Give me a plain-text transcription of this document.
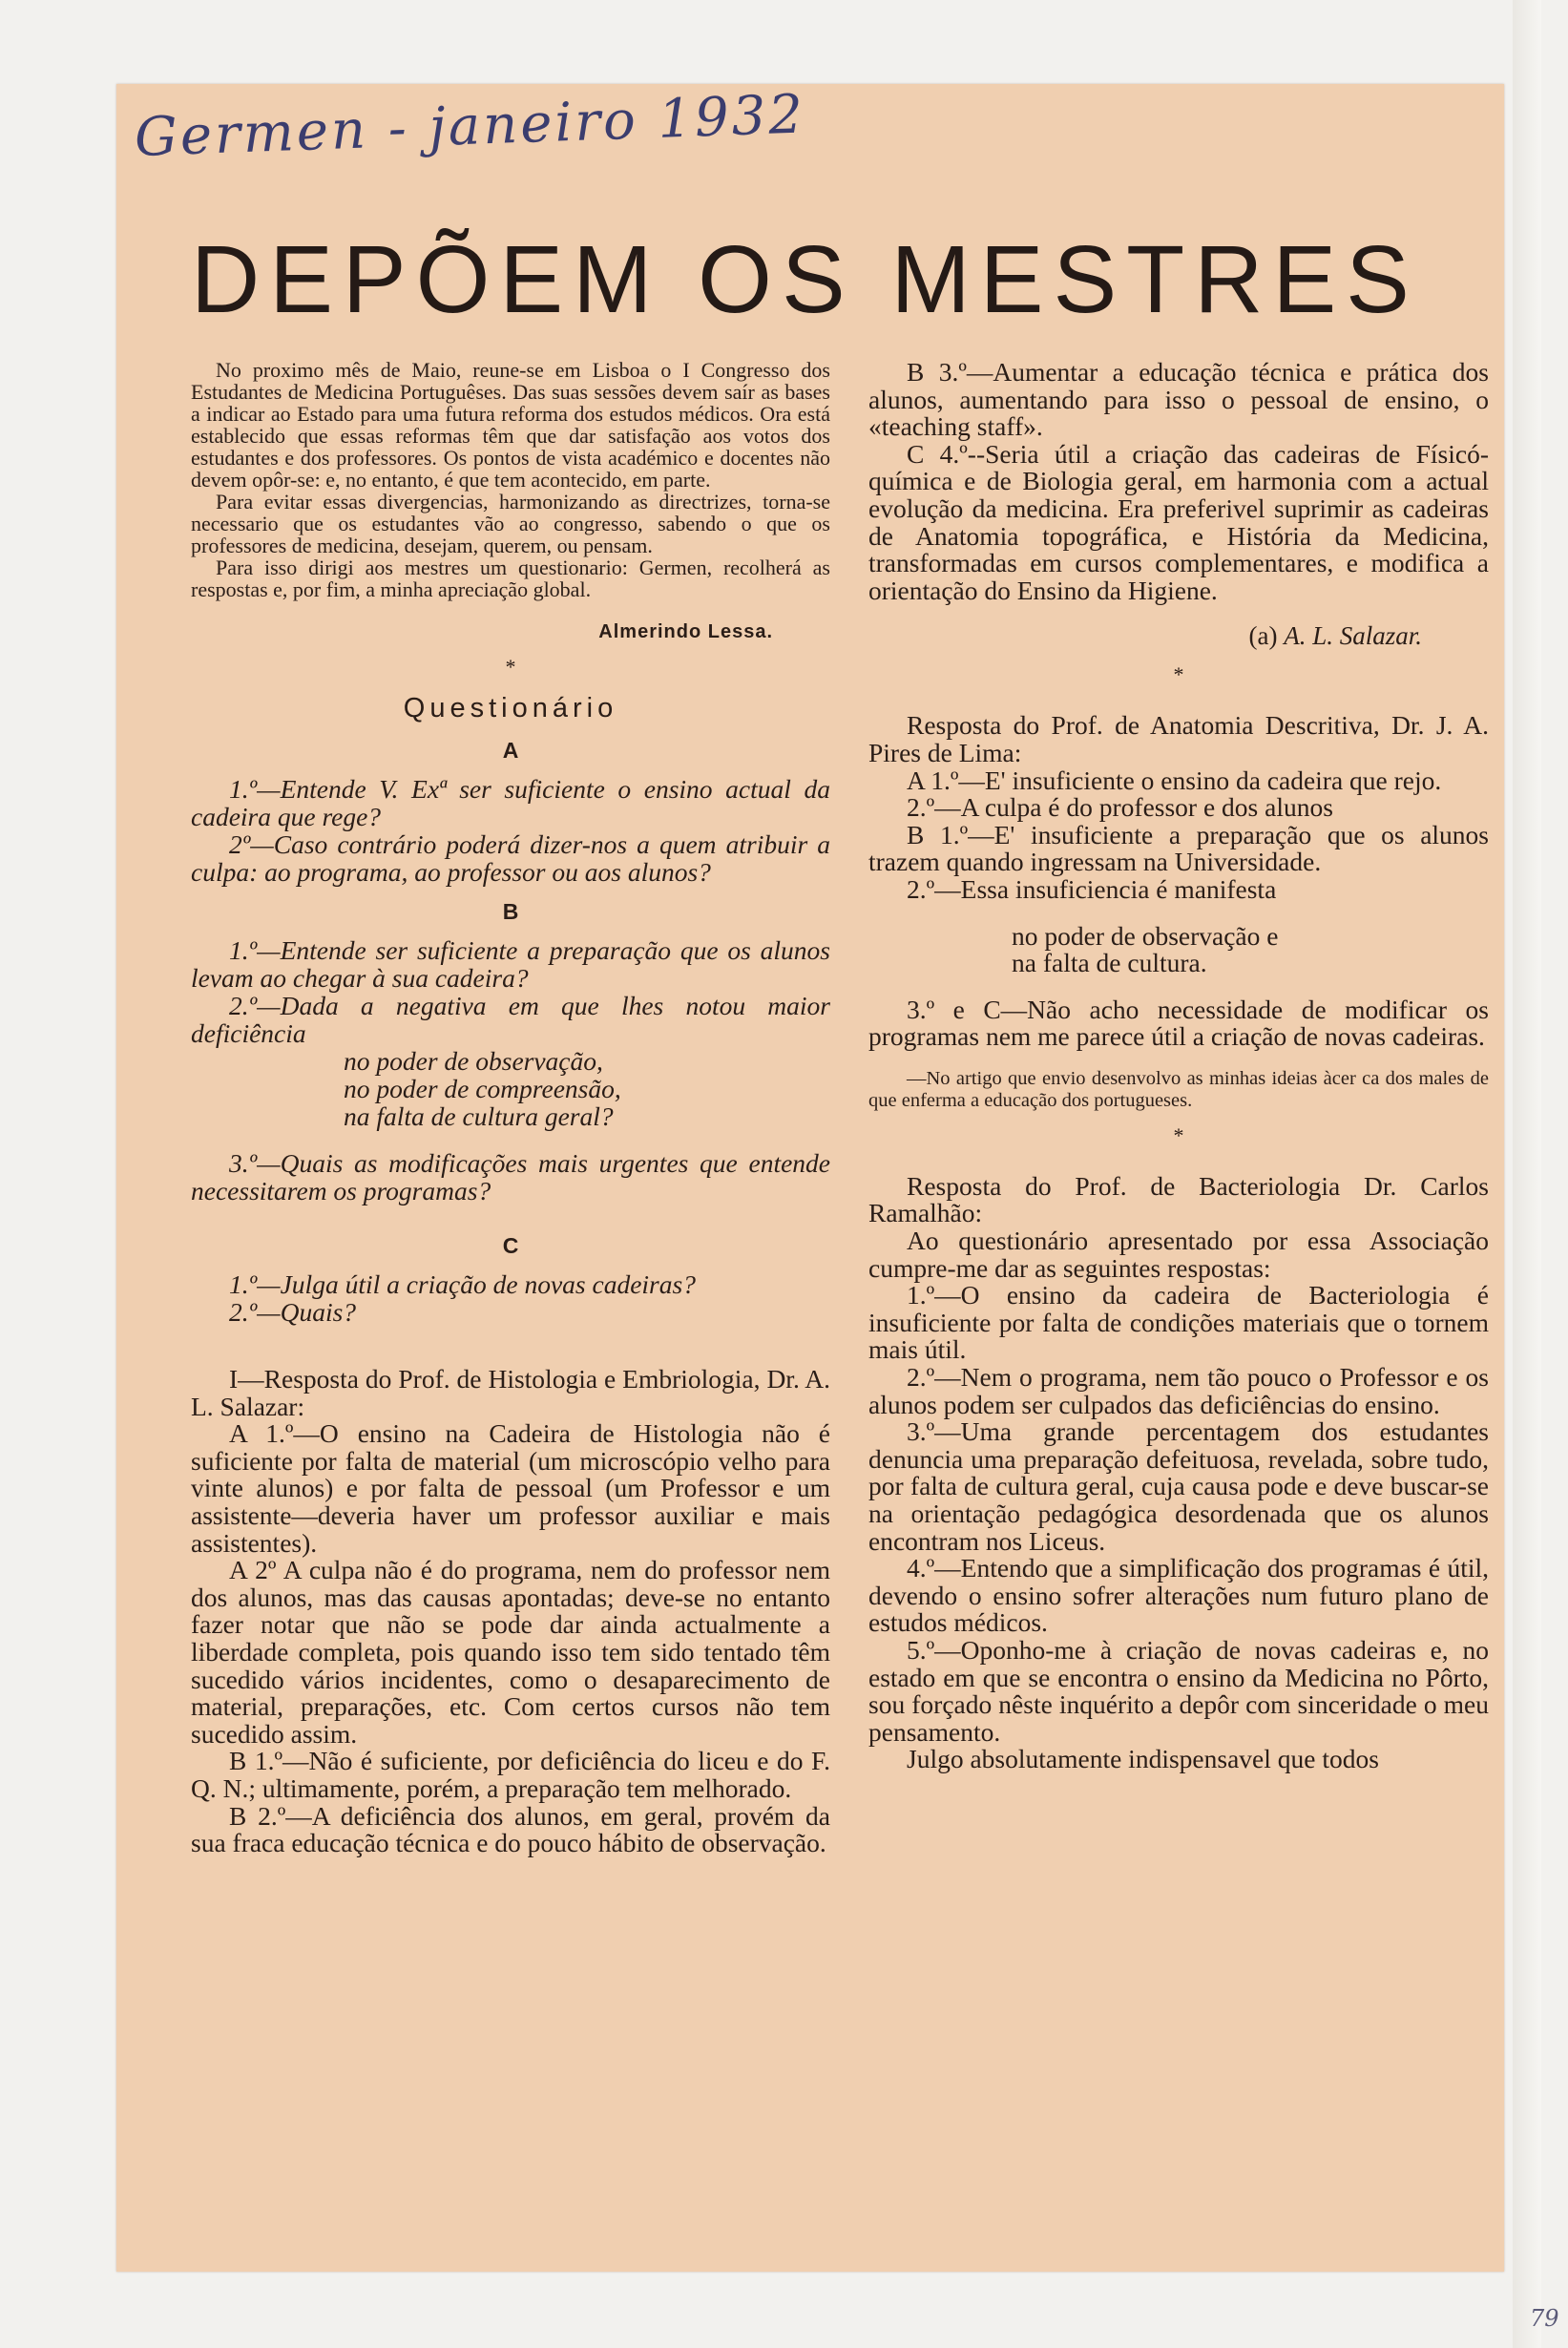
Germen - janeiro 1932
DEPÕEM OS MESTRES

No proximo mês de Maio, reune-se em Lisboa o I Congresso dos Estudantes de Medicina Portuguêses. Das suas sessões devem saír as bases a indicar ao Estado para uma futura reforma dos estudos médicos. Ora está establecido que essas reformas têm que dar satisfação aos votos dos estudantes e dos professores. Os pontos de vista académico e docentes não devem opôr-se: e, no entanto, é que tem acontecido, em parte.

Para evitar essas divergencias, harmonizando as directrizes, torna-se necessario que os estudantes vão ao congresso, sabendo o que os professores de medicina, desejam, querem, ou pensam.

Para isso dirigi aos mestres um questionario: Germen, recolherá as respostas e, por fim, a minha apreciação global.

Almerindo Lessa.
*
Questionário
A

1.º—Entende V. Exª ser suficiente o ensino actual da cadeira que rege?

2º—Caso contrário poderá dizer-nos a quem atribuir a culpa: ao programa, ao professor ou aos alunos?

B

1.º—Entende ser suficiente a preparação que os alunos levam ao chegar à sua cadeira?

2.º—Dada a negativa em que lhes notou maior deficiência

no poder de observação,

no poder de compreensão,

na falta de cultura geral?

3.º—Quais as modificações mais urgentes que entende necessitarem os programas?

C

1.º—Julga útil a criação de novas cadeiras?

2.º—Quais?

I—Resposta do Prof. de Histologia e Embriologia, Dr. A. L. Salazar:

A 1.º—O ensino na Cadeira de Histologia não é suficiente por falta de material (um microscópio velho para vinte alunos) e por falta de pessoal (um Professor e um assistente—deveria haver um professor auxiliar e mais assistentes).

A 2º A culpa não é do programa, nem do professor nem dos alunos, mas das causas apontadas; deve-se no entanto fazer notar que não se pode dar ainda actualmente a liberdade completa, pois quando isso tem sido tentado têm sucedido vários incidentes, como o desaparecimento de material, preparações, etc. Com certos cursos não tem sucedido assim.

B 1.º—Não é suficiente, por deficiência do liceu e do F. Q. N.; ultimamente, porém, a preparação tem melhorado.

B 2.º—A deficiência dos alunos, em geral, provém da sua fraca educação técnica e do pouco hábito de observação.

B 3.º—Aumentar a educação técnica e prática dos alunos, aumentando para isso o pessoal de ensino, o «teaching staff».

C 4.º--Seria útil a criação das cadeiras de Físicó-química e de Biologia geral, em harmonia com a actual evolução da medicina. Era preferivel suprimir as cadeiras de Anatomia topográfica, e História da Medicina, transformadas em cursos complementares, e modifica a orientação do Ensino da Higiene.

(a) A. L. Salazar.
*

Resposta do Prof. de Anatomia Descritiva, Dr. J. A. Pires de Lima:

A 1.º—E' insuficiente o ensino da cadeira que rejo.

2.º—A culpa é do professor e dos alunos

B 1.º—E' insuficiente a preparação que os alunos trazem quando ingressam na Universidade.

2.º—Essa insuficiencia é manifesta

no poder de observação e

na falta de cultura.

3.º e C—Não acho necessidade de modificar os programas nem me parece útil a criação de novas cadeiras.

—No artigo que envio desenvolvo as minhas ideias àcer ca dos males de que enferma a educação dos portugueses.

*

Resposta do Prof. de Bacteriologia Dr. Carlos Ramalhão:

Ao questionário apresentado por essa Associação cumpre-me dar as seguintes respostas:

1.º—O ensino da cadeira de Bacteriologia é insuficiente por falta de condições materiais que o tornem mais útil.

2.º—Nem o programa, nem tão pouco o Professor e os alunos podem ser culpados das deficiências do ensino.

3.º—Uma grande percentagem dos estudantes denuncia uma preparação defeituosa, revelada, sobre tudo, por falta de cultura geral, cuja causa pode e deve buscar-se na orientação pedagógica desordenada que os alunos encontram nos Liceus.

4.º—Entendo que a simplificação dos programas é útil, devendo o ensino sofrer alterações num futuro plano de estudos médicos.

5.º—Oponho-me à criação de novas cadeiras e, no estado em que se encontra o ensino da Medicina no Pôrto, sou forçado nêste inquérito a depôr com sinceridade o meu pensamento.

Julgo absolutamente indispensavel que todos

79
